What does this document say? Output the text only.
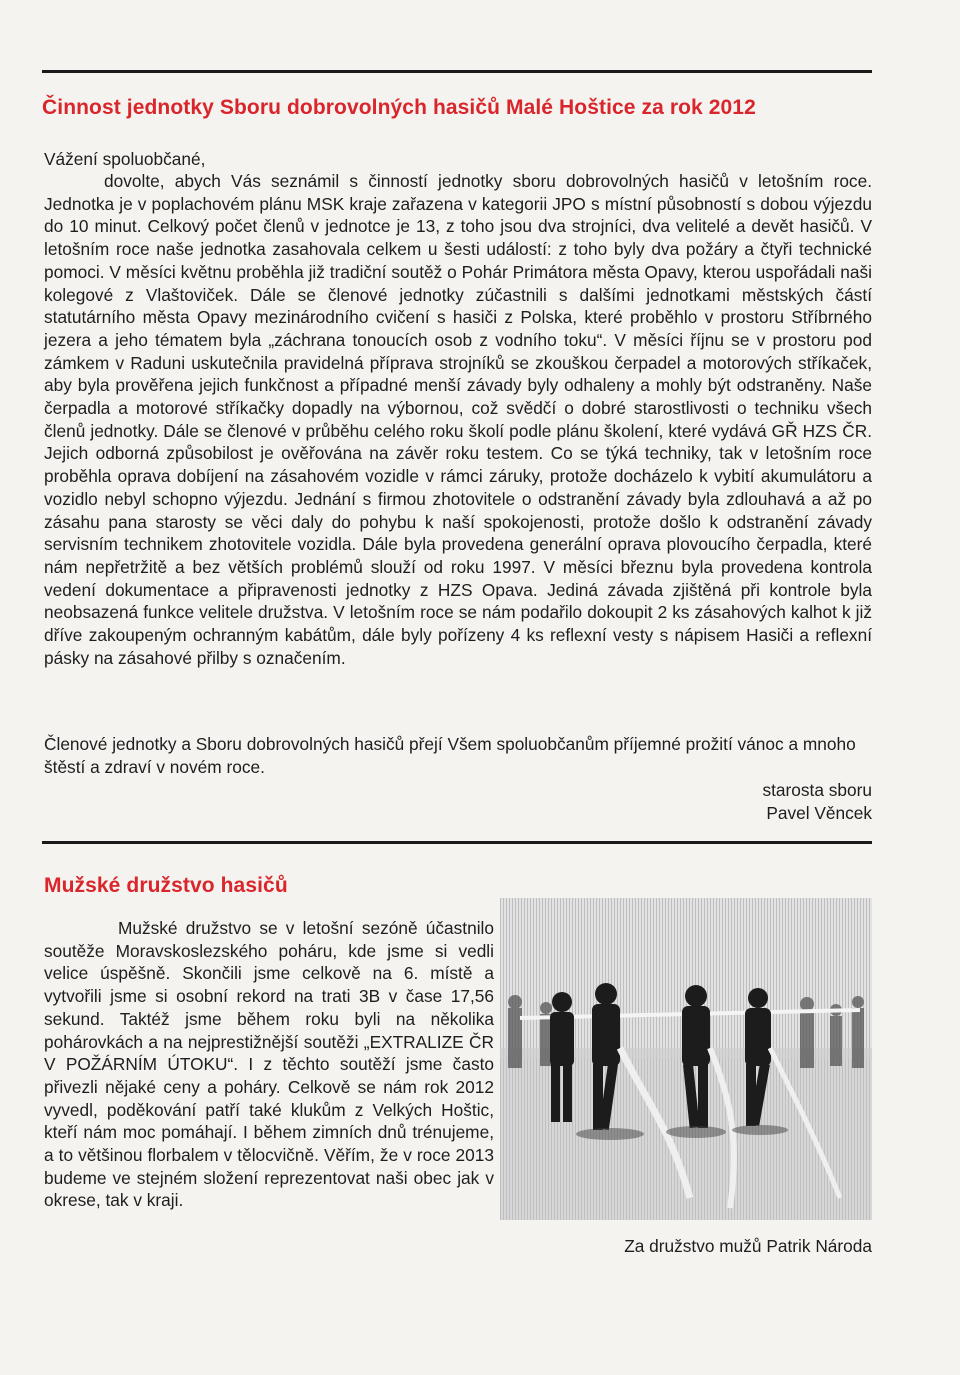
Činnost jednotky Sboru dobrovolných hasičů Malé Hoštice za rok 2012

Vážení spoluobčané,

dovolte, abych Vás seznámil s činností jednotky sboru dobrovolných hasičů v letošním roce. Jednotka je v poplachovém plánu MSK kraje zařazena v kategorii JPO s místní působností s dobou výjezdu do 10 minut. Celkový počet členů v jednotce je 13, z toho jsou dva strojníci, dva velitelé a devět hasičů. V letošním roce naše jednotka zasahovala celkem u šesti událostí: z toho byly dva požáry a čtyři technické pomoci. V měsíci květnu proběhla již tradiční soutěž o Pohár Primátora města Opavy, kterou uspořádali naši kolegové z Vlaštoviček. Dále se členové jednotky zúčastnili s dalšími jednotkami městských částí statutárního města Opavy mezinárodního cvičení s hasiči z Polska, které proběhlo v prostoru Stříbrného jezera a jeho tématem byla „záchrana tonoucích osob z vodního toku“. V měsíci říjnu se v prostoru pod zámkem v Raduni uskutečnila pravidelná příprava strojníků se zkouškou čerpadel a motorových stříkaček, aby byla prověřena jejich funkčnost a případné menší závady byly odhaleny a mohly být odstraněny. Naše čerpadla a motorové stříkačky dopadly na výbornou, což svědčí o dobré starostlivosti o techniku všech členů jednotky. Dále se členové v průběhu celého roku školí podle plánu školení, které vydává GŘ HZS ČR. Jejich odborná způsobilost je ověřována na závěr roku testem. Co se týká techniky, tak v letošním roce proběhla oprava dobíjení na zásahovém vozidle v rámci záruky, protože docházelo k vybití akumulátoru a vozidlo nebyl schopno výjezdu. Jednání s firmou zhotovitele o odstranění závady byla zdlouhavá a až po zásahu pana starosty se věci daly do pohybu k naší spokojenosti, protože došlo k odstranění závady servisním technikem zhotovitele vozidla. Dále byla provedena generální oprava plovoucího čerpadla, které nám nepřetržitě a bez větších problémů slouží od roku 1997. V měsíci březnu byla provedena kontrola vedení dokumentace a připravenosti jednotky z HZS Opava. Jediná závada zjištěná při kontrole byla neobsazená funkce velitele družstva. V letošním roce se nám podařilo dokoupit 2 ks zásahových kalhot k již dříve zakoupeným ochranným kabátům, dále byly pořízeny 4 ks reflexní vesty s nápisem Hasiči a reflexní pásky na zásahové přilby s označením.

Členové jednotky a Sboru dobrovolných hasičů přejí Všem spoluobčanům příjemné prožití vánoc a mnoho štěstí a zdraví v novém roce.

starosta sboru
Pavel Věncek
Mužské družstvo hasičů

Mužské družstvo se v letošní sezóně účastnilo soutěže Moravskoslezského poháru, kde jsme si vedli velice úspěšně. Skončili jsme celkově na 6. místě a vytvořili jsme si osobní rekord na trati 3B v čase 17,56 sekund. Taktéž jsme během roku byli na několika pohárovkách a na nejprestižnější soutěži „EXTRALIZE ČR V POŽÁRNÍM ÚTOKU“. I z těchto soutěží jsme často přivezli nějaké ceny a poháry. Celkově se nám rok 2012 vyvedl, poděkování patří také klukům z Velkých Hoštic, kteří nám moc pomáhají. I během zimních dnů trénujeme, a to většinou florbalem v tělocvičně. Věřím, že v roce 2013 budeme ve stejném složení reprezentovat naši obec jak v okrese, tak v kraji.

Za družstvo mužů Patrik Národa
